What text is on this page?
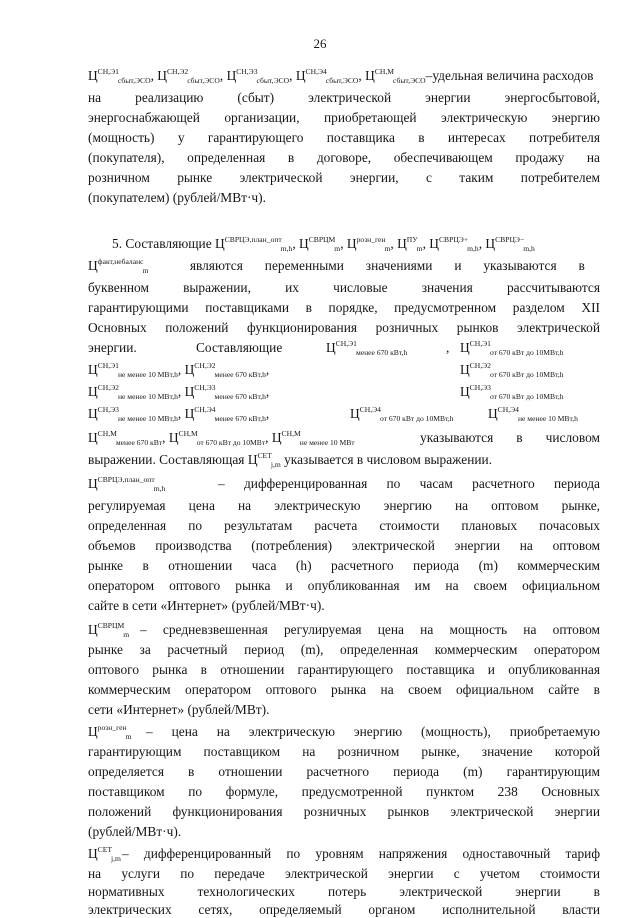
26
$Ц^{СН,Э1}_{сбыт,ЭСО}$, $Ц^{СН,Э2}_{сбыт,ЭСО}$, $Ц^{СН,Э3}_{сбыт,ЭСО}$, $Ц^{СН,Э4}_{сбыт,ЭСО}$, $Ц^{СН,М}_{сбыт,ЭСО}$–удельная величина расходов
на реализацию (сбыт) электрической энергии энергосбытовой,
энергоснабжающей организации, приобретающей электрическую энергию
(мощность) у гарантирующего поставщика в интересах потребителя
(покупателя), определенная в договоре, обеспечивающем продажу на
розничном рынке электрической энергии, с таким потребителем
(покупателем) (рублей/МВт·ч).
5. Составляющие $Ц^{СВРЦЭ,план\_опт}_{m,h}$, $Ц^{СВРЦМ}_m$, $Ц^{розн\_ген}_m$, $Ц^{ПУ}_m$, $Ц^{СВРЦЭ+}_{m,h}$, $Ц^{СВРЦЭ-}_{m,h}$
$Ц^{факт,небаланс}_m$	являются переменными значениями и указываются в
буквенном выражении, их числовые значения рассчитываются
гарантирующими поставщиками в порядке, предусмотренном разделом XII
Основных положений функционирования розничных рынков электрической
энергии.	Составляющие	$Ц^{СН,Э1}_{менее 670 кВт,h}$	, $Ц^{СН,Э1}_{от 670 кВт до 10МВт,h}$
$Ц^{СН,Э1}_{не менее 10 МВт,h}$, $Ц^{СН,Э2}_{менее 670 кВт,h}$,	$Ц^{СН,Э2}_{от 670 кВт до 10МВт,h}$
$Ц^{СН,Э2}_{не менее 10 МВт,h}$, $Ц^{СН,Э3}_{менее 670 кВт,h}$,	$Ц^{СН,Э3}_{от 670 кВт до 10МВт,h}$
$Ц^{СН,Э3}_{не менее 10 МВт,h}$, $Ц^{СН,Э4}_{менее 670 кВт,h}$,	$Ц^{СН,Э4}_{от 670 кВт до 10МВт,h}$	$Ц^{СН,Э4}_{не менее 10 МВт,h}$
$Ц^{СН,М}_{менее 670 кВт}$, $Ц^{СН,М}_{от 670 кВт до 10МВт}$, $Ц^{СН,М}_{не менее 10 МВт}$	указываются в числовом
выражении. Составляющая $Ц^{СЕТ}_{j,m}$ указывается в числовом выражении.
$Ц^{СВРЦЭ,план\_опт}_{m,h}$	– дифференцированная по часам расчетного периода
регулируемая цена на электрическую энергию на оптовом рынке,
определенная по результатам расчета стоимости плановых почасовых
объемов производства (потребления) электрической энергии на оптовом
рынке в отношении часа (h) расчетного периода (m) коммерческим
оператором оптового рынка и опубликованная им на своем официальном
сайте в сети «Интернет» (рублей/МВт·ч).
$Ц^{СВРЦМ}_m$ – средневзвешенная регулируемая цена на мощность на оптовом
рынке за расчетный период (m), определенная коммерческим оператором
оптового рынка в отношении гарантирующего поставщика и опубликованная
коммерческим оператором оптового рынка на своем официальном сайте в
сети «Интернет» (рублей/МВт).
$Ц^{розн\_ген}_m$ – цена на электрическую энергию (мощность), приобретаемую
гарантирующим поставщиком на розничном рынке, значение которой
определяется в отношении расчетного периода (m) гарантирующим
поставщиком по формуле, предусмотренной пунктом 238 Основных
положений функционирования розничных рынков электрической энергии
(рублей/МВт·ч).
$Ц^{СЕТ}_{j,m}$ – дифференцированный по уровням напряжения одноставочный тариф
на услуги по передаче электрической энергии с учетом стоимости
нормативных технологических потерь электрической энергии в
электрических сетях, определяемый органом исполнительной власти
